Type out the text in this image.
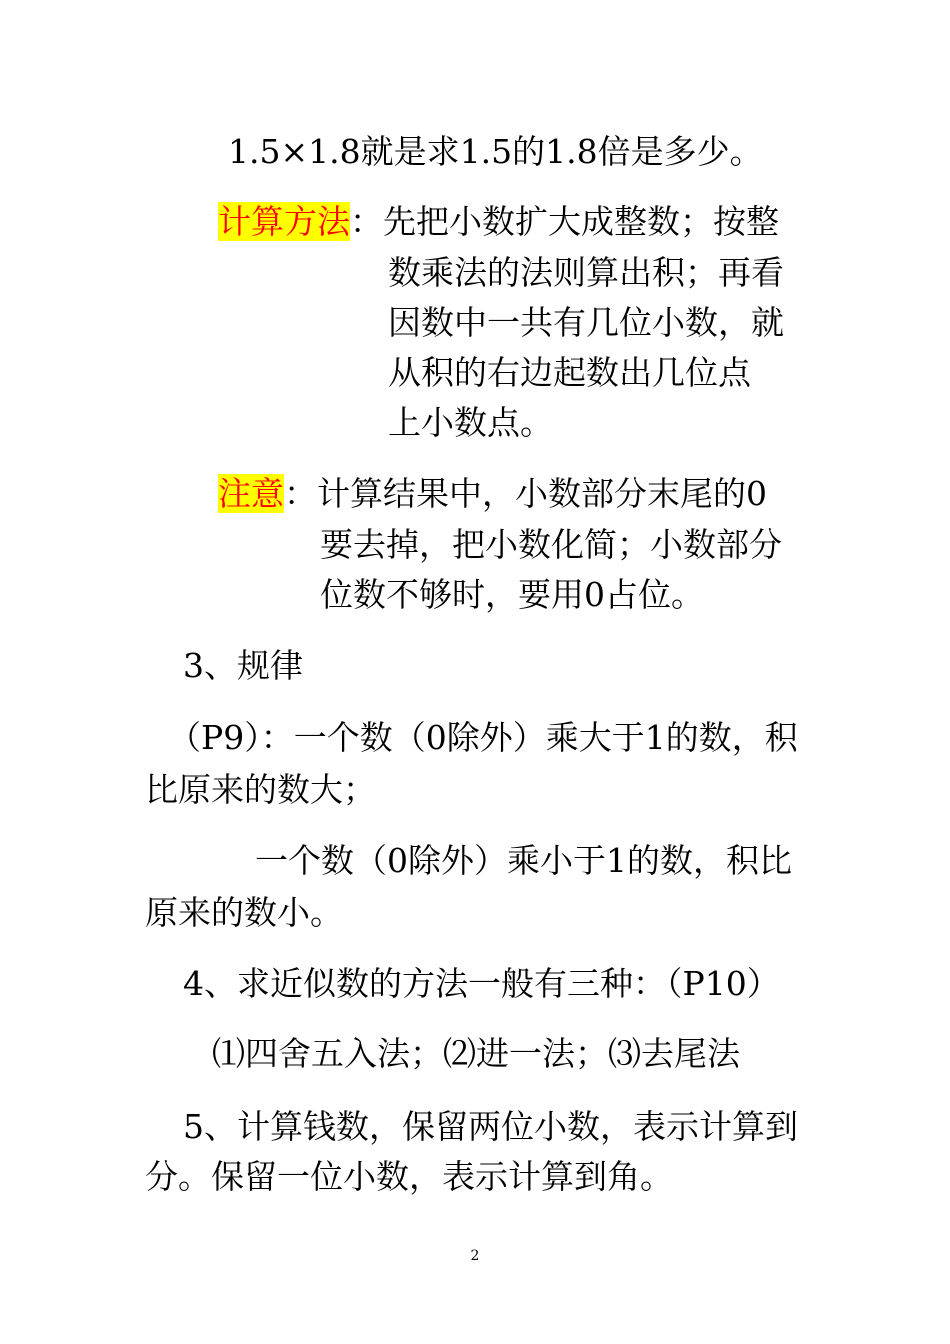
1.5×1.8就是求1.5的1.8倍是多少。

计算方法：先把小数扩大成整数；按整

数乘法的法则算出积；再看

因数中一共有几位小数，就

从积的右边起数出几位点

上小数点。

注意：计算结果中，小数部分末尾的0

要去掉，把小数化简；小数部分

位数不够时，要用0占位。

3、规律

（P9）：一个数（0除外）乘大于1的数，积

比原来的数大；

一个数（0除外）乘小于1的数，积比

原来的数小。

4、求近似数的方法一般有三种：（P10）

⑴四舍五入法；⑵进一法；⑶去尾法

5、计算钱数，保留两位小数，表示计算到

分。保留一位小数，表示计算到角。

2
